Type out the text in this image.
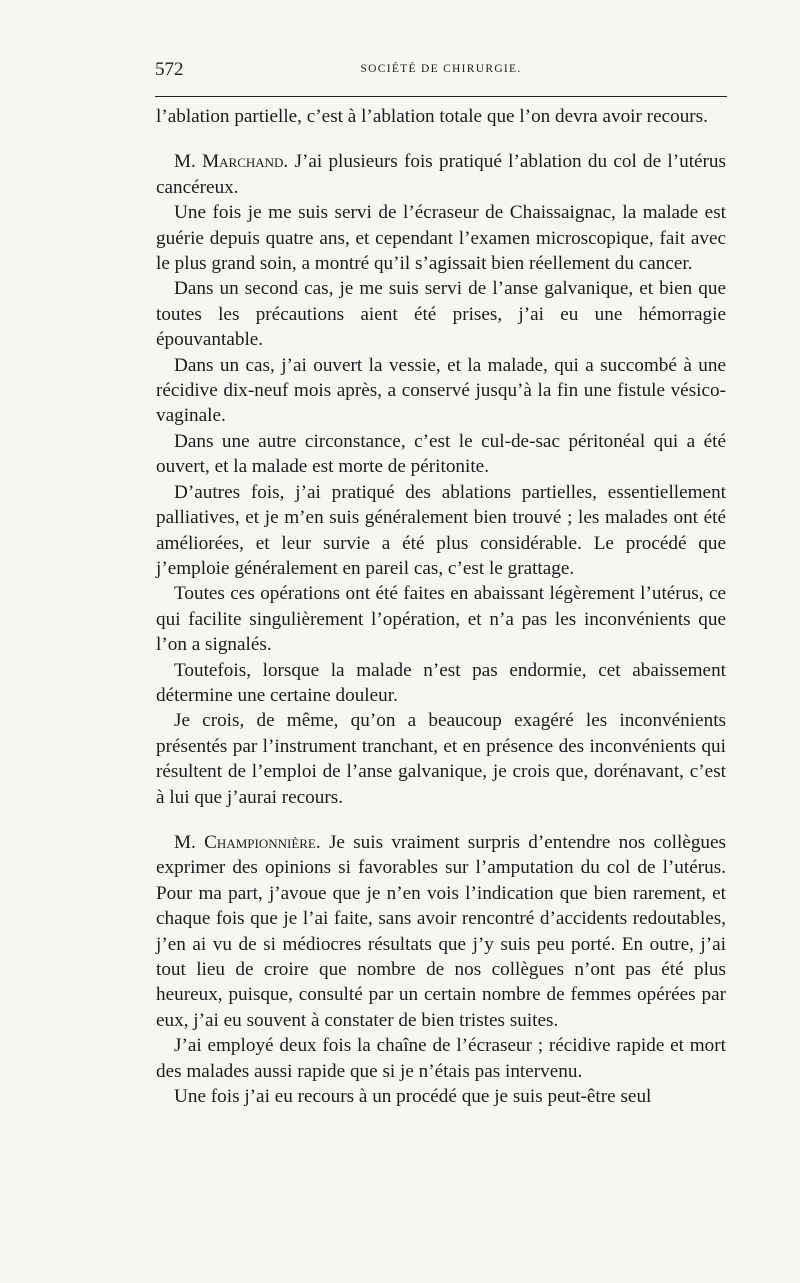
572	SOCIÉTÉ DE CHIRURGIE.

l’ablation partielle, c’est à l’ablation totale que l’on devra avoir recours.

M. Marchand. J’ai plusieurs fois pratiqué l’ablation du col de l’utérus cancéreux.

Une fois je me suis servi de l’écraseur de Chaissaignac, la malade est guérie depuis quatre ans, et cependant l’examen microscopique, fait avec le plus grand soin, a montré qu’il s’agissait bien réellement du cancer.

Dans un second cas, je me suis servi de l’anse galvanique, et bien que toutes les précautions aient été prises, j’ai eu une hémorragie épouvantable.

Dans un cas, j’ai ouvert la vessie, et la malade, qui a succombé à une récidive dix-neuf mois après, a conservé jusqu’à la fin une fistule vésico-vaginale.

Dans une autre circonstance, c’est le cul-de-sac péritonéal qui a été ouvert, et la malade est morte de péritonite.

D’autres fois, j’ai pratiqué des ablations partielles, essentiellement palliatives, et je m’en suis généralement bien trouvé ; les malades ont été améliorées, et leur survie a été plus considérable. Le procédé que j’emploie généralement en pareil cas, c’est le grattage.

Toutes ces opérations ont été faites en abaissant légèrement l’utérus, ce qui facilite singulièrement l’opération, et n’a pas les inconvénients que l’on a signalés.

Toutefois, lorsque la malade n’est pas endormie, cet abaissement détermine une certaine douleur.

Je crois, de même, qu’on a beaucoup exagéré les inconvénients présentés par l’instrument tranchant, et en présence des inconvénients qui résultent de l’emploi de l’anse galvanique, je crois que, dorénavant, c’est à lui que j’aurai recours.

M. Championnière. Je suis vraiment surpris d’entendre nos collègues exprimer des opinions si favorables sur l’amputation du col de l’utérus. Pour ma part, j’avoue que je n’en vois l’indication que bien rarement, et chaque fois que je l’ai faite, sans avoir rencontré d’accidents redoutables, j’en ai vu de si médiocres résultats que j’y suis peu porté. En outre, j’ai tout lieu de croire que nombre de nos collègues n’ont pas été plus heureux, puisque, consulté par un certain nombre de femmes opérées par eux, j’ai eu souvent à constater de bien tristes suites.

J’ai employé deux fois la chaîne de l’écraseur ; récidive rapide et mort des malades aussi rapide que si je n’étais pas intervenu.

Une fois j’ai eu recours à un procédé que je suis peut-être seul
